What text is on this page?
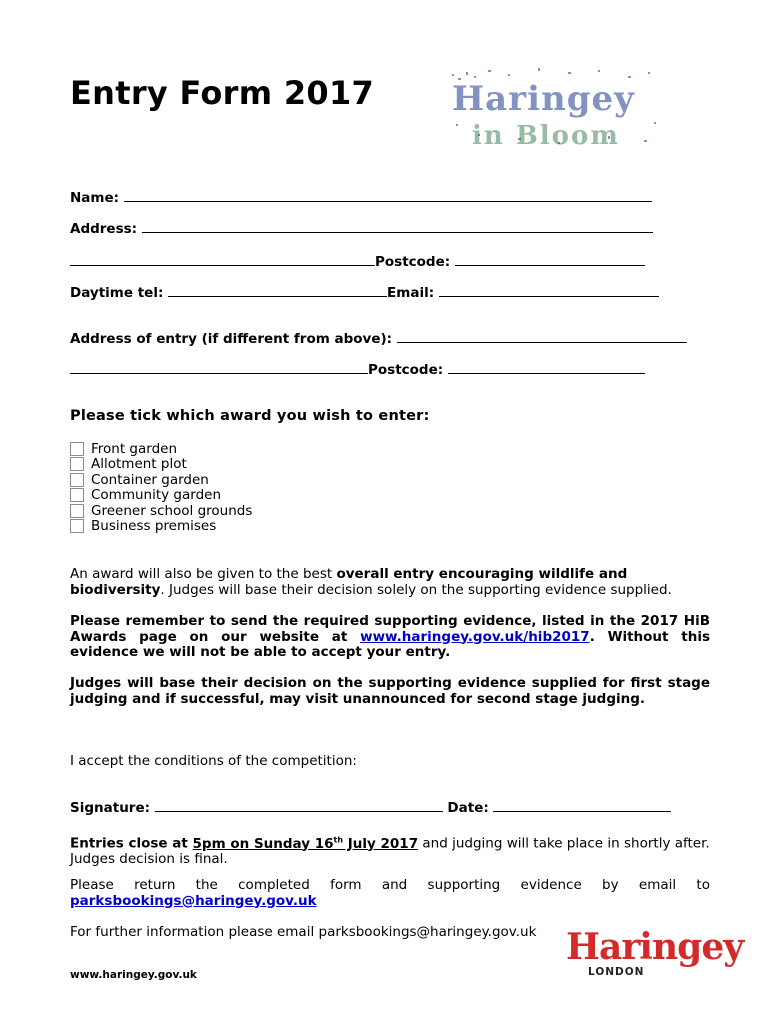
Entry Form 2017 Haringey
in Bloom
Name:
Address:
Postcode:
Daytime tel:	Email:
Address of entry (if different from above):
Postcode:
Please tick which award you wish to enter:
Front garden
Allotment plot
Container garden
Community garden
Greener school grounds
Business premises
An award will also be given to the best overall entry encouraging wildlife and biodiversity. Judges will base their decision solely on the supporting evidence supplied.
Please remember to send the required supporting evidence, listed in the 2017 HiB Awards page on our website at www.haringey.gov.uk/hib2017. Without this evidence we will not be able to accept your entry.
Judges will base their decision on the supporting evidence supplied for first stage judging and if successful, may visit unannounced for second stage judging.
I accept the conditions of the competition:
Signature:	Date:
Entries close at 5pm on Sunday 16th July 2017 and judging will take place in shortly after. Judges decision is final.
Please return the completed form and supporting evidence by email to parksbookings@haringey.gov.uk
For further information please email parksbookings@haringey.gov.uk
www.haringey.gov.uk
Haringey
LONDON
